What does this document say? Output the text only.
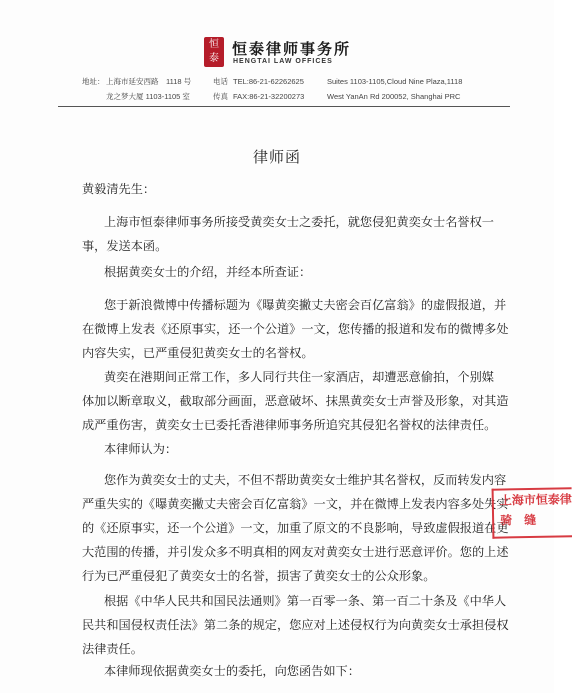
恒
泰
恒泰律师事务所
HENGTAI LAW OFFICES
地址： 上海市延安西路　1118 号
龙之梦大厦 1103-1105 室
电话
传真
TEL:86-21-62262625
FAX:86-21-32200273
Suites 1103-1105,Cloud Nine Plaza,1118
West YanAn Rd 200052, Shanghai PRC
律师函
黄毅清先生：
上海市恒泰律师事务所接受黄奕女士之委托，就您侵犯黄奕女士名誉权一
事，发送本函。
根据黄奕女士的介绍，并经本所查证：
您于新浪微博中传播标题为《曝黄奕撇丈夫密会百亿富翁》的虚假报道，并
在微博上发表《还原事实，还一个公道》一文，您传播的报道和发布的微博多处
内容失实，已严重侵犯黄奕女士的名誉权。
黄奕在港期间正常工作，多人同行共住一家酒店，却遭恶意偷拍，个别媒
体加以断章取义，截取部分画面，恶意破坏、抹黑黄奕女士声誉及形象，对其造
成严重伤害，黄奕女士已委托香港律师事务所追究其侵犯名誉权的法律责任。
本律师认为：
您作为黄奕女士的丈夫，不但不帮助黄奕女士维护其名誉权，反而转发内容
严重失实的《曝黄奕撇丈夫密会百亿富翁》一文，并在微博上发表内容多处失实
的《还原事实，还一个公道》一文，加重了原文的不良影响，导致虚假报道在更
大范围的传播，并引发众多不明真相的网友对黄奕女士进行恶意评价。您的上述
行为已严重侵犯了黄奕女士的名誉，损害了黄奕女士的公众形象。
根据《中华人民共和国民法通则》第一百零一条、第一百二十条及《中华人
民共和国侵权责任法》第二条的规定，您应对上述侵权行为向黄奕女士承担侵权
法律责任。
本律师现依据黄奕女士的委托，向您函告如下：
上海市恒泰律
骑　缝
